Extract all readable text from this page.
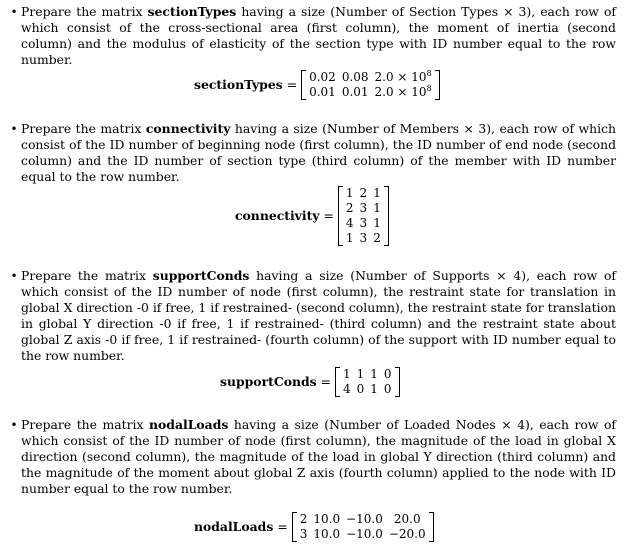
• Prepare the matrix sectionTypes having a size (Number of Section Types × 3), each row of which consist of the cross-sectional area (first column), the moment of inertia (second column) and the modulus of elasticity of the section type with ID number equal to the row number.
sectionTypes = 0.02	0.08	$2.0 \times 10^8$
0.01	0.01	$2.0 \times 10^8$
• Prepare the matrix connectivity having a size (Number of Members × 3), each row of which consist of the ID number of beginning node (first column), the ID number of end node (second column) and the ID number of section type (third column) of the member with ID number equal to the row number.
connectivity =
1	2	1
2	3	1
4	3	1
1	3	2
• Prepare the matrix supportConds having a size (Number of Supports × 4), each row of which consist of the ID number of node (first column), the restraint state for translation in global X direction -0 if free, 1 if restrained- (second column), the restraint state for translation in global Y direction -0 if free, 1 if restrained- (third column) and the restraint state about global Z axis -0 if free, 1 if restrained- (fourth column) of the support with ID number equal to the row number.
supportConds = 1	1	1	0
4	0	1	0
• Prepare the matrix nodalLoads having a size (Number of Loaded Nodes × 4), each row of which consist of the ID number of node (first column), the magnitude of the load in global X direction (second column), the magnitude of the load in global Y direction (third column) and the magnitude of the moment about global Z axis (fourth column) applied to the node with ID number equal to the row number.
nodalLoads = 2	10.0	−10.0	20.0
3	10.0	−10.0	−20.0
